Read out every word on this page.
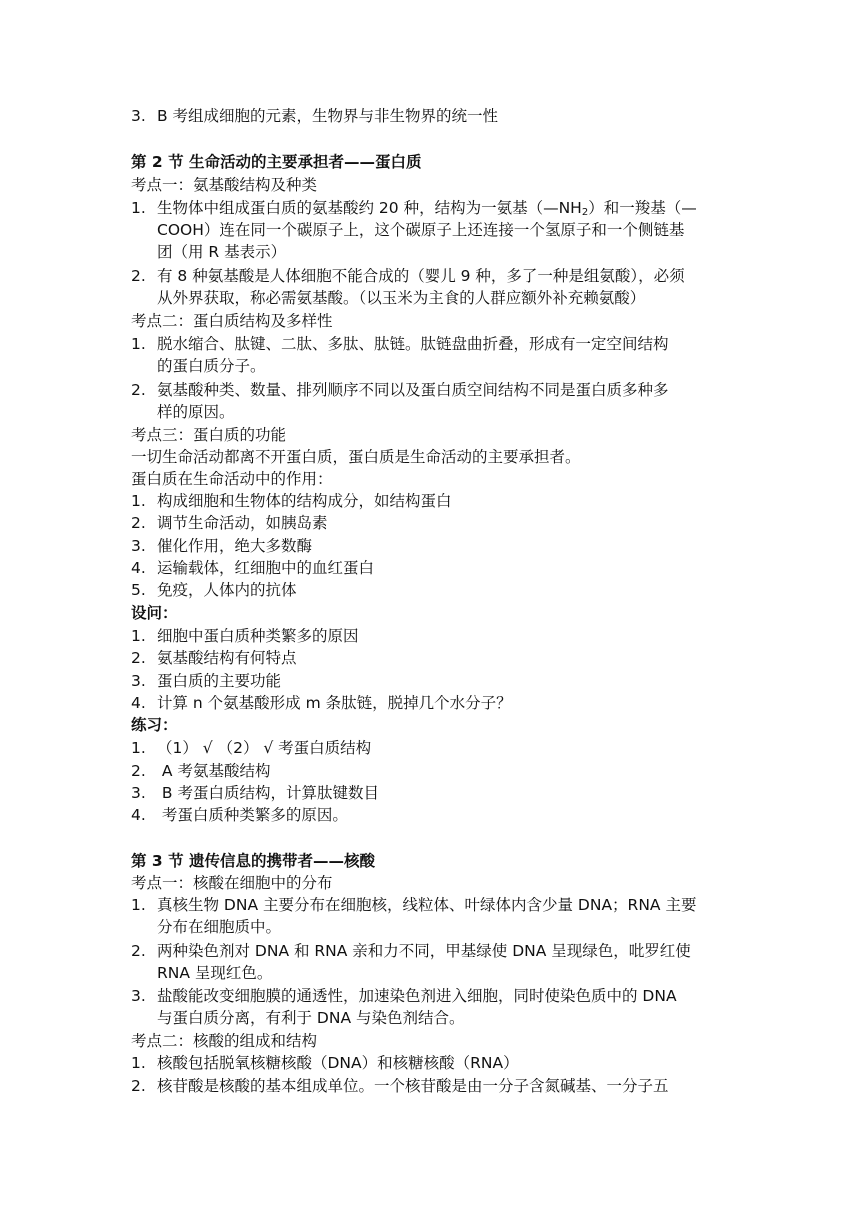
3. B 考组成细胞的元素，生物界与非生物界的统一性
第 2 节 生命活动的主要承担者——蛋白质
考点一：氨基酸结构及种类
1. 生物体中组成蛋白质的氨基酸约 20 种，结构为一氨基$(—NH_2)$和一羧基（—
COOH）连在同一个碳原子上，这个碳原子上还连接一个氢原子和一个侧链基
团（用 R 基表示）
2. 有 8 种氨基酸是人体细胞不能合成的（婴儿 9 种，多了一种是组氨酸），必须
从外界获取，称必需氨基酸。（以玉米为主食的人群应额外补充赖氨酸）
考点二：蛋白质结构及多样性
1. 脱水缩合、肽键、二肽、多肽、肽链。肽链盘曲折叠，形成有一定空间结构
的蛋白质分子。
2. 氨基酸种类、数量、排列顺序不同以及蛋白质空间结构不同是蛋白质多种多
样的原因。
考点三：蛋白质的功能
一切生命活动都离不开蛋白质，蛋白质是生命活动的主要承担者。
蛋白质在生命活动中的作用：
1. 构成细胞和生物体的结构成分，如结构蛋白
2. 调节生命活动，如胰岛素
3. 催化作用，绝大多数酶
4. 运输载体，红细胞中的血红蛋白
5. 免疫，人体内的抗体
设问：
1. 细胞中蛋白质种类繁多的原因
2. 氨基酸结构有何特点
3. 蛋白质的主要功能
4. 计算 n 个氨基酸形成 m 条肽链，脱掉几个水分子？
练习：
1. （1） √ （2） √ 考蛋白质结构
2. A 考氨基酸结构
3. B 考蛋白质结构，计算肽键数目
4. 考蛋白质种类繁多的原因。
第 3 节 遗传信息的携带者——核酸
考点一：核酸在细胞中的分布
1. 真核生物 DNA 主要分布在细胞核，线粒体、叶绿体内含少量 DNA；RNA 主要
分布在细胞质中。
2. 两种染色剂对 DNA 和 RNA 亲和力不同，甲基绿使 DNA 呈现绿色，吡罗红使
RNA 呈现红色。
3. 盐酸能改变细胞膜的通透性，加速染色剂进入细胞，同时使染色质中的 DNA
与蛋白质分离，有利于 DNA 与染色剂结合。
考点二：核酸的组成和结构
1. 核酸包括脱氧核糖核酸（DNA）和核糖核酸（RNA）
2. 核苷酸是核酸的基本组成单位。一个核苷酸是由一分子含氮碱基、一分子五
